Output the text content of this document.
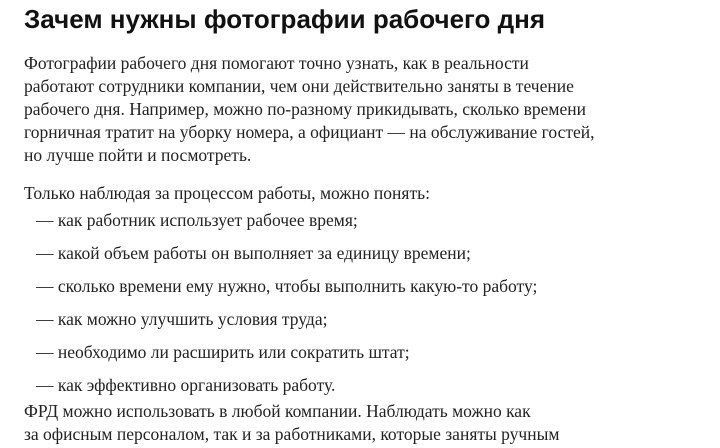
Зачем нужны фотографии рабочего дня

Фотографии рабочего дня помогают точно узнать, как в реальности
работают сотрудники компании, чем они действительно заняты в течение
рабочего дня. Например, можно по-разному прикидывать, сколько времени
горничная тратит на уборку номера, а официант — на обслуживание гостей,
но лучше пойти и посмотреть.

Только наблюдая за процессом работы, можно понять:

— как работник использует рабочее время;
— какой объем работы он выполняет за единицу времени;
— сколько времени ему нужно, чтобы выполнить какую-то работу;
— как можно улучшить условия труда;
— необходимо ли расширить или сократить штат;
— как эффективно организовать работу.

ФРД можно использовать в любой компании. Наблюдать можно как
за офисным персоналом, так и за работниками, которые заняты ручным
